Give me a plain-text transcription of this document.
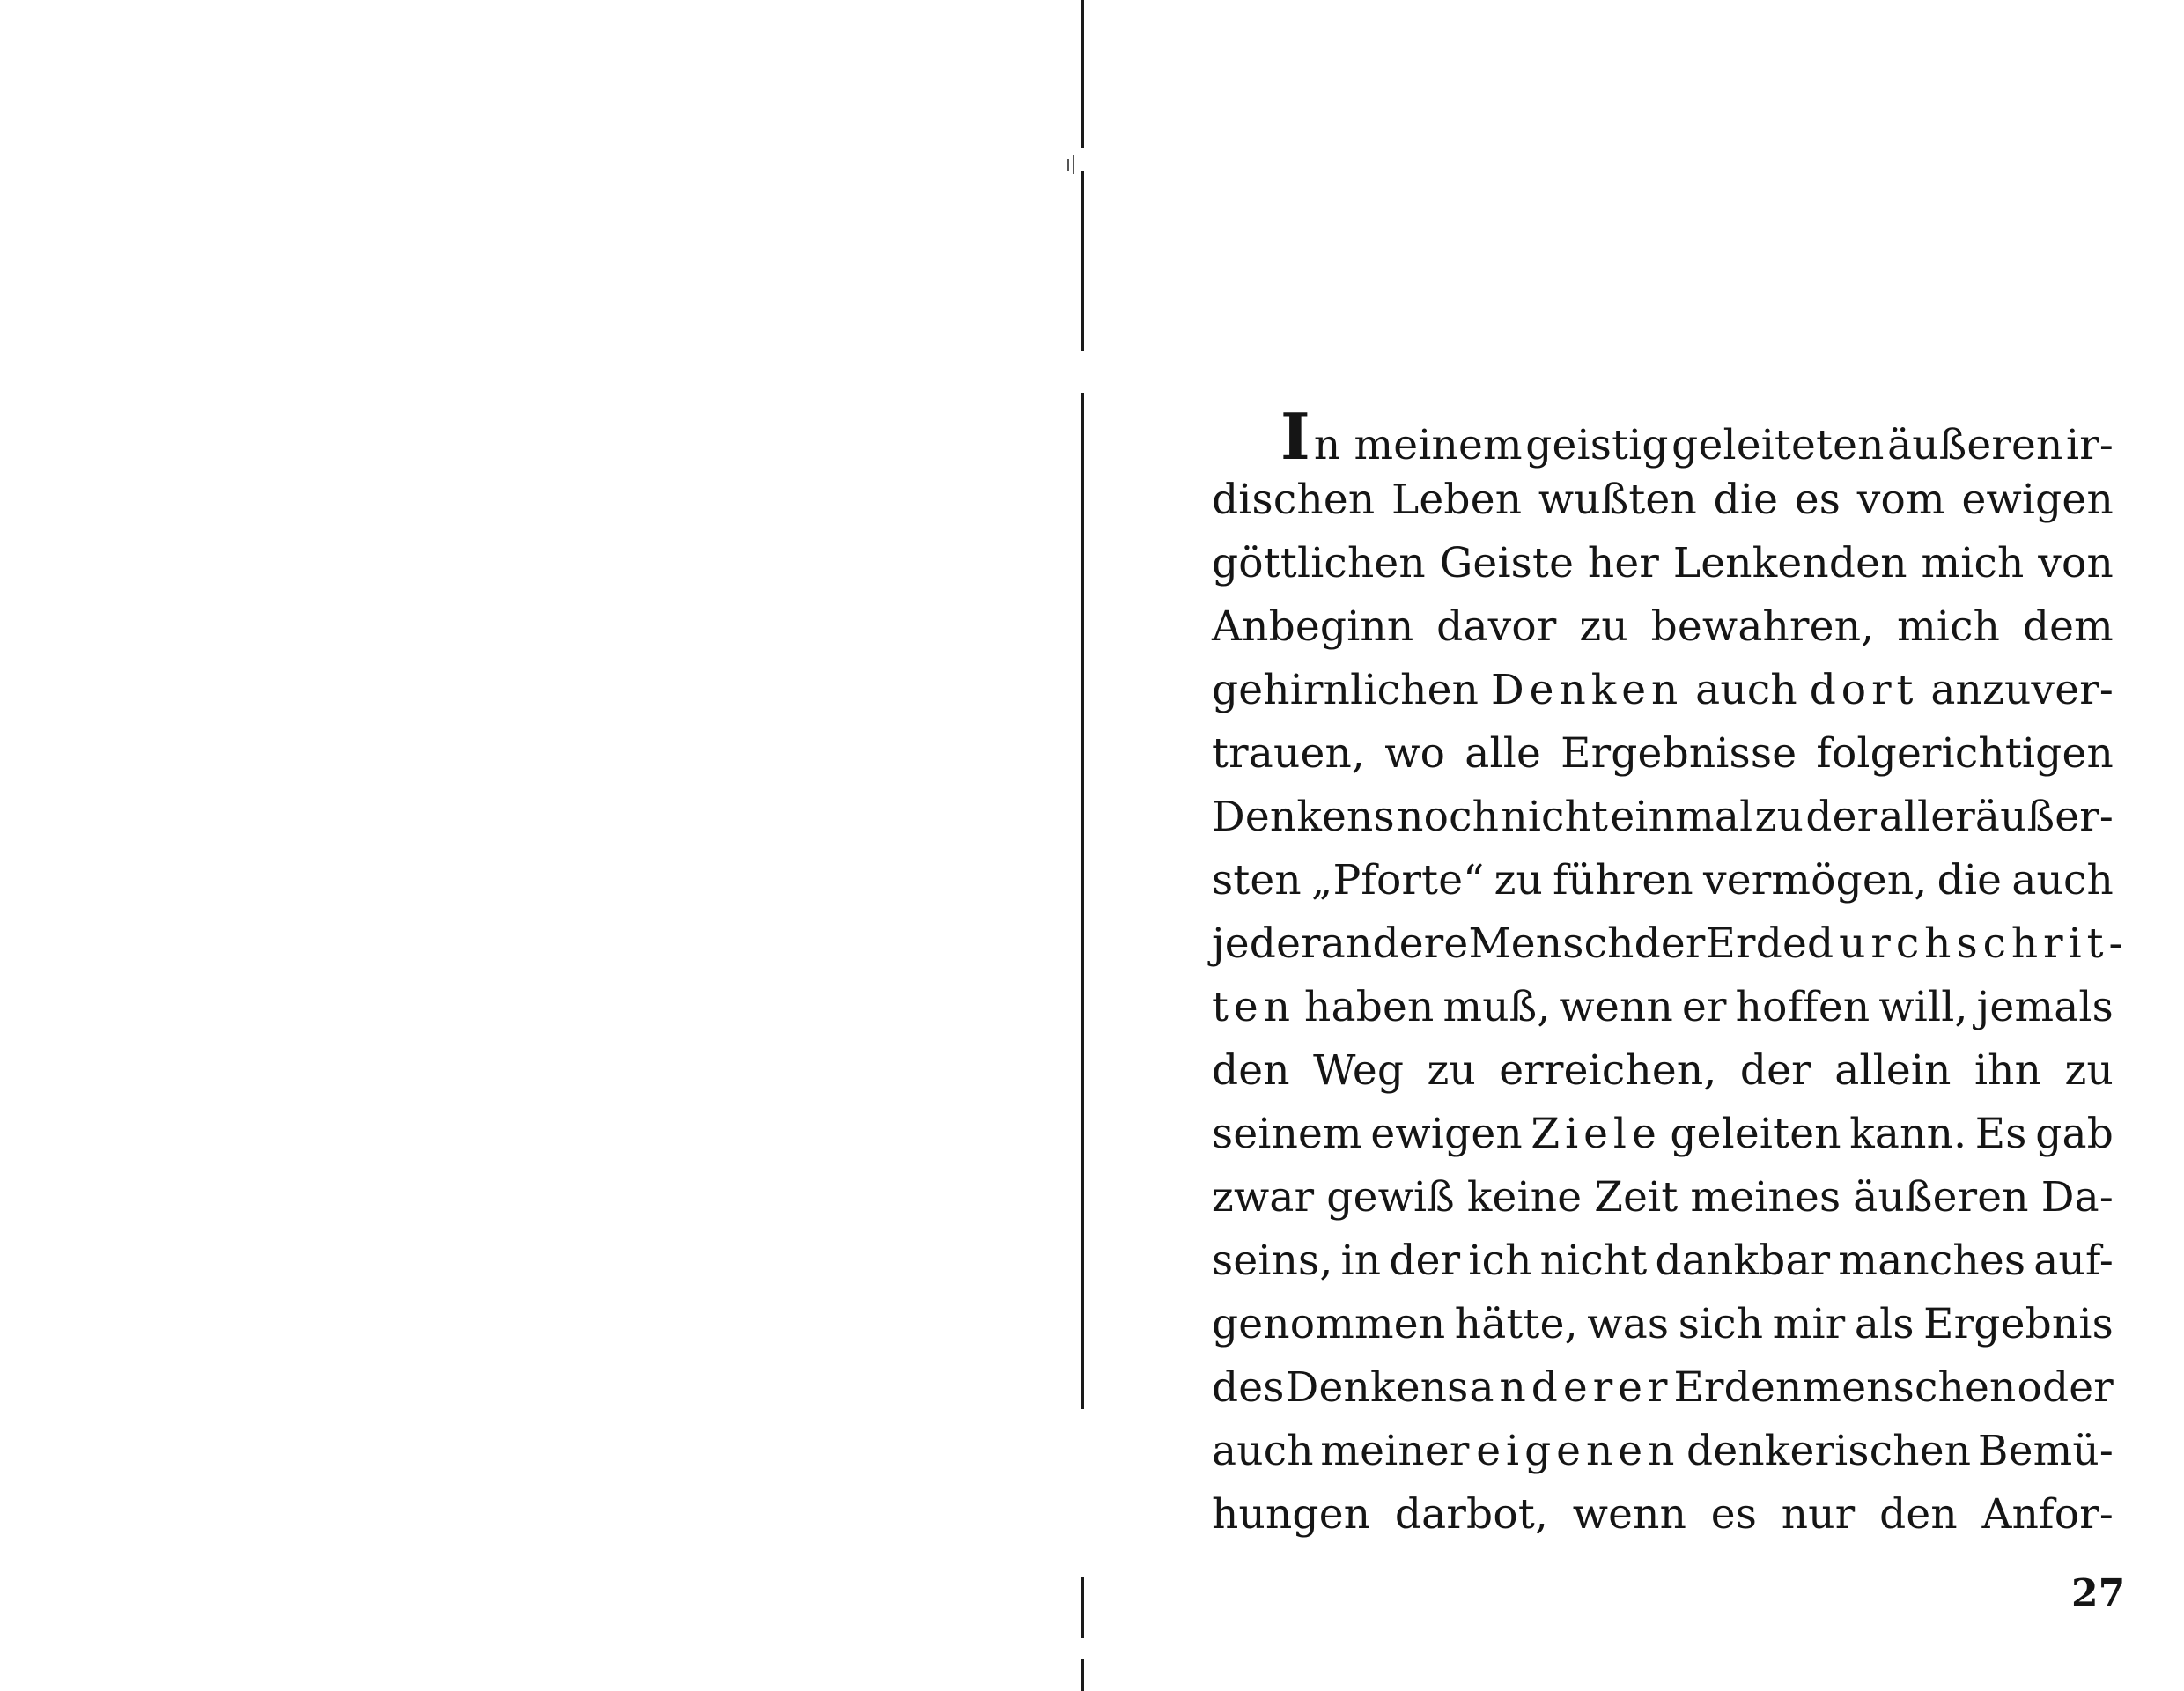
In meinem geistig geleiteten äußeren ir-
dischen Leben wußten die es vom ewigen
göttlichen Geiste her Lenkenden mich von
Anbeginn davor zu bewahren, mich dem
gehirnlichen Denken auch dort anzuver-
trauen, wo alle Ergebnisse folgerichtigen
Denkens noch nicht einmal zu der alleräußer-
sten „Pforte“ zu führen vermögen, die auch
jeder andere Mensch der Erde durchschrit-
ten haben muß, wenn er hoffen will, jemals
den Weg zu erreichen, der allein ihn zu
seinem ewigen Ziele geleiten kann. Es gab
zwar gewiß keine Zeit meines äußeren Da-
seins, in der ich nicht dankbar manches auf-
genommen hätte, was sich mir als Ergebnis
des Denkens anderer Erdenmenschen oder
auch meiner eigenen denkerischen Bemü-
hungen darbot, wenn es nur den Anfor-
27
